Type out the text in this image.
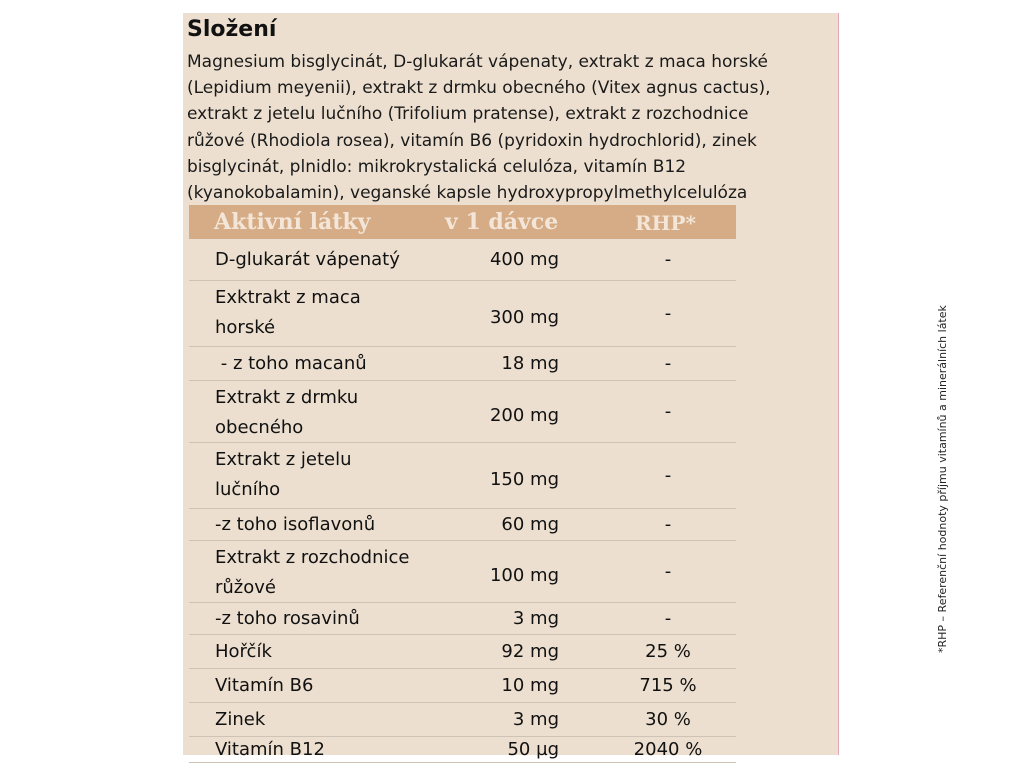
Složení

Magnesium bisglycinát, D-glukarát vápenaty, extrakt z maca horské
(Lepidium meyenii), extrakt z drmku obecného (Vitex agnus cactus),
extrakt z jetelu lučního (Trifolium pratense), extrakt z rozchodnice
růžové (Rhodiola rosea), vitamín B6 (pyridoxin hydrochlorid), zinek
bisglycinát, plnidlo: mikrokrystalická celulóza, vitamín B12
(kyanokobalamin), veganské kapsle hydroxypropylmethylcelulóza

Aktivní látky	v 1 dávce	RHP*
D-glukarát vápenatý	400 mg	-
Exktrakt z maca
horské	300 mg	-
- z toho macanů	18 mg	-
Extrakt z drmku
obecného
200 mg	-
Extrakt z jetelu
lučního	150 mg	-
-z toho isoflavonů	60 mg	-
Extrakt z rozchodnice
růžové
100 mg	-
-z toho rosavinů	3 mg	-
Hořčík	92 mg	25 %
Vitamín B6	10 mg	715 %
Zinek	3 mg	30 %
Vitamín B12	50 µg	2040 %
*RHP – Referenční hodnoty příjmu vitamínů a minerálních látek
